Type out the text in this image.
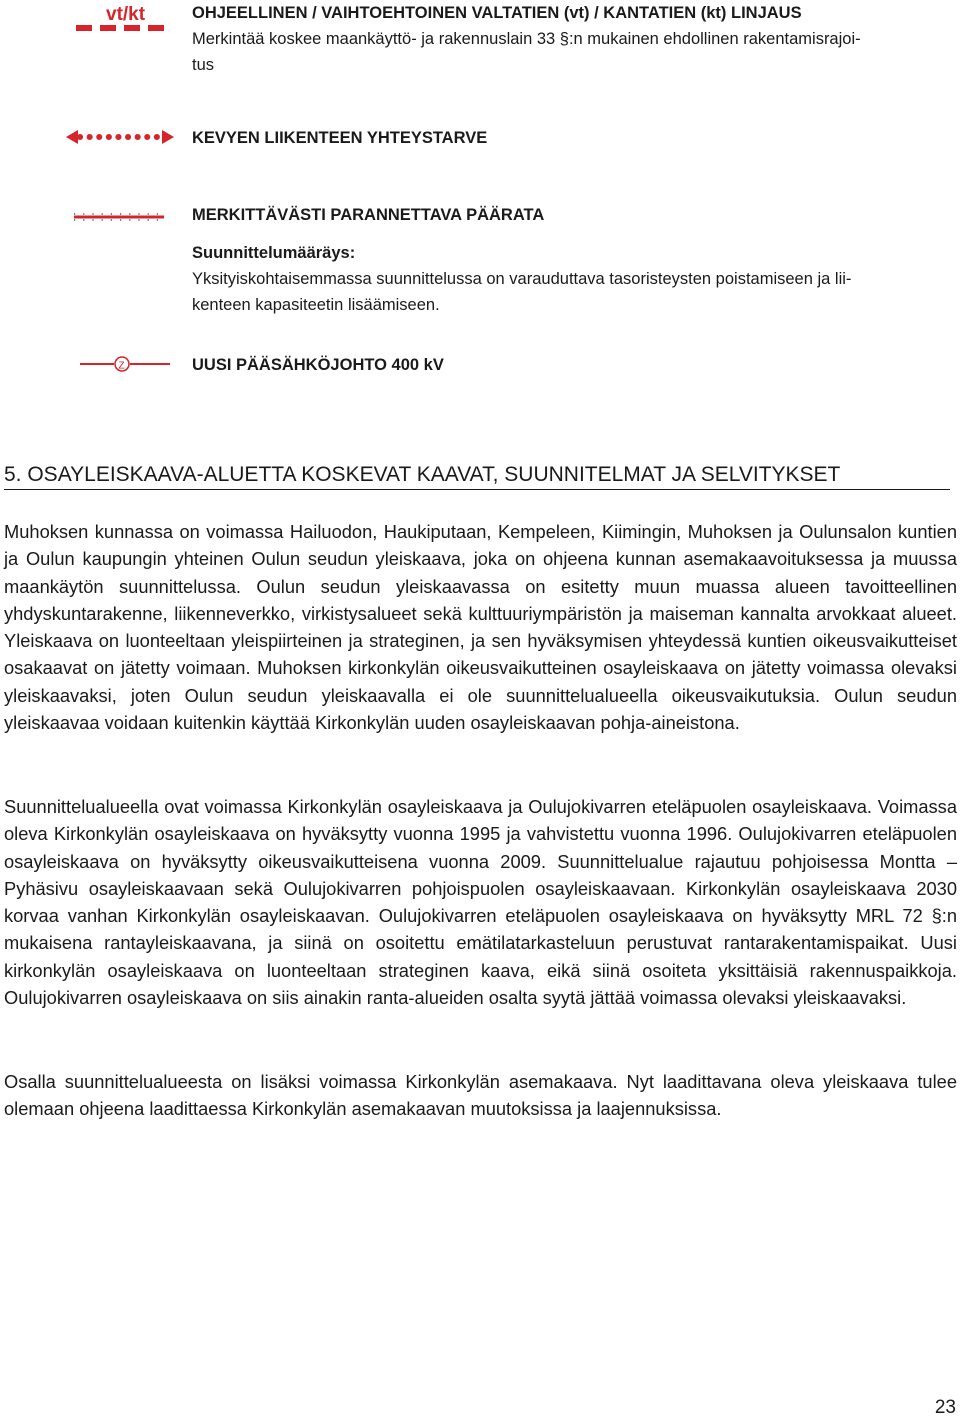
vt/kt	OHJEELLINEN / VAIHTOEHTOINEN VALTATIEN (vt) / KANTATIEN (kt) LINJAUS
Merkintää koskee maankäyttö- ja rakennuslain 33 §:n mukainen ehdollinen rakentamisrajoi-
tus
KEVYEN LIIKENTEEN YHTEYSTARVE
MERKITTÄVÄSTI PARANNETTAVA PÄÄRATA
Suunnittelumääräys:
Yksityiskohtaisemmassa suunnittelussa on varauduttava tasoristeysten poistamiseen ja lii-
kenteen kapasiteetin lisäämiseen.
Z	UUSI PÄÄSÄHKÖJOHTO 400 kV
5. OSAYLEISKAAVA-ALUETTA KOSKEVAT KAAVAT, SUUNNITELMAT JA SELVITYKSET

Muhoksen kunnassa on voimassa Hailuodon, Haukiputaan, Kempeleen, Kiimingin, Muhoksen ja Oulunsalon kuntien ja Oulun kaupungin yhteinen Oulun seudun yleiskaava, joka on ohjeena kunnan asemakaavoituksessa ja muussa maankäytön suunnittelussa. Oulun seudun yleiskaavassa on esitetty muun muassa alueen tavoitteellinen yhdyskuntarakenne, liikenneverkko, virkistysalueet sekä kulttuuriympäristön ja maiseman kannalta arvokkaat alueet. Yleiskaava on luonteeltaan yleispiirteinen ja strateginen, ja sen hyväksymisen yhteydessä kuntien oikeusvaikutteiset osakaavat on jätetty voimaan. Muhoksen kirkonkylän oikeusvaikutteinen osayleiskaava on jätetty voimassa olevaksi yleiskaavaksi, joten Oulun seudun yleiskaavalla ei ole suunnittelualueella oikeusvaikutuksia. Oulun seudun yleiskaavaa voidaan kuitenkin käyttää Kirkonkylän uuden osayleiskaavan pohja-aineistona.

Suunnittelualueella ovat voimassa Kirkonkylän osayleiskaava ja Oulujokivarren eteläpuolen osayleiskaava. Voimassa oleva Kirkonkylän osayleiskaava on hyväksytty vuonna 1995 ja vahvistettu vuonna 1996. Oulujokivarren eteläpuolen osayleiskaava on hyväksytty oikeusvaikutteisena vuonna 2009. Suunnittelualue rajautuu pohjoisessa Montta – Pyhäsivu osayleiskaavaan sekä Oulujokivarren pohjoispuolen osayleiskaavaan. Kirkonkylän osayleiskaava 2030 korvaa vanhan Kirkonkylän osayleiskaavan. Oulujokivarren eteläpuolen osayleiskaava on hyväksytty MRL 72 §:n mukaisena rantayleiskaavana, ja siinä on osoitettu emätilatarkasteluun perustuvat rantarakentamispaikat. Uusi kirkonkylän osayleiskaava on luonteeltaan strateginen kaava, eikä siinä osoiteta yksittäisiä rakennuspaikkoja. Oulujokivarren osayleiskaava on siis ainakin ranta-alueiden osalta syytä jättää voimassa olevaksi yleiskaavaksi.

Osalla suunnittelualueesta on lisäksi voimassa Kirkonkylän asemakaava. Nyt laadittavana oleva yleiskaava tulee olemaan ohjeena laadittaessa Kirkonkylän asemakaavan muutoksissa ja laajennuksissa.

23
